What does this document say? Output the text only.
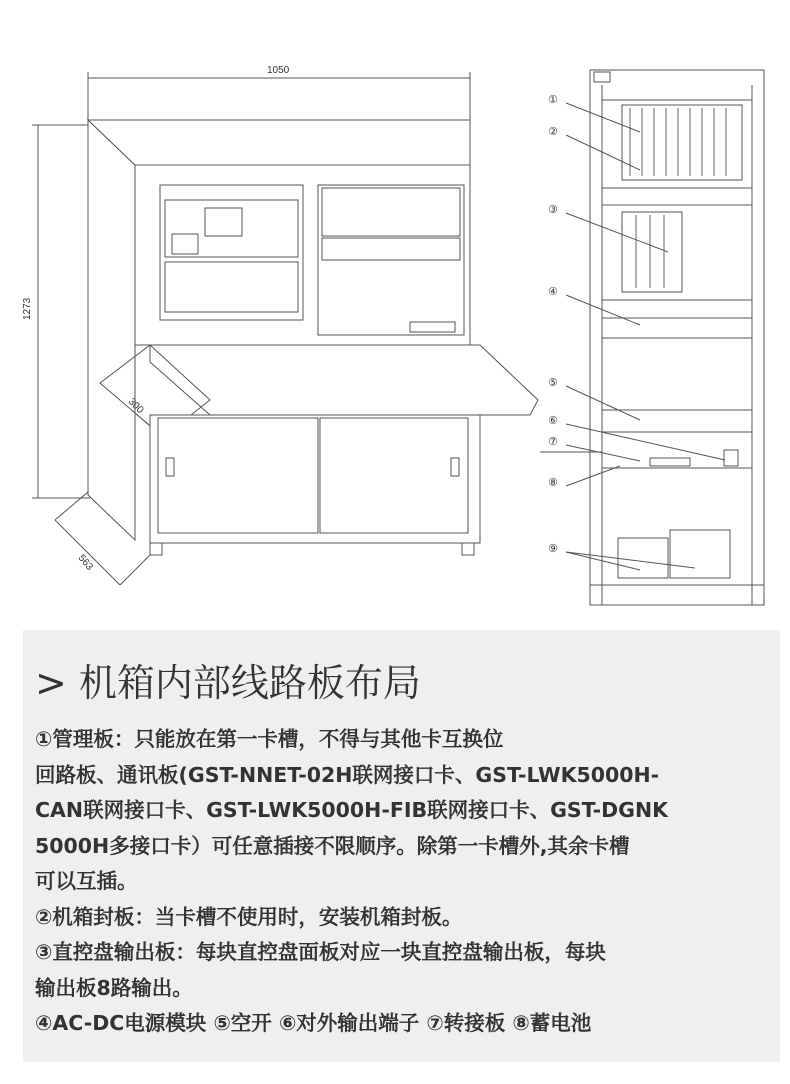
1050
1273
563
300
①
②
③
④
⑤
⑥
⑦
⑧
⑨
> 机箱内部线路板布局

①管理板：只能放在第一卡槽，不得与其他卡互换位

回路板、通讯板(GST-NNET-02H联网接口卡、GST-LWK5000H-

CAN联网接口卡、GST-LWK5000H-FIB联网接口卡、GST-DGNK

5000H多接口卡）可任意插接不限顺序。除第一卡槽外,其余卡槽

可以互插。

②机箱封板：当卡槽不使用时，安装机箱封板。

③直控盘输出板：每块直控盘面板对应一块直控盘输出板，每块

输出板8路输出。

④AC-DC电源模块 ⑤空开 ⑥对外输出端子 ⑦转接板 ⑧蓄电池
